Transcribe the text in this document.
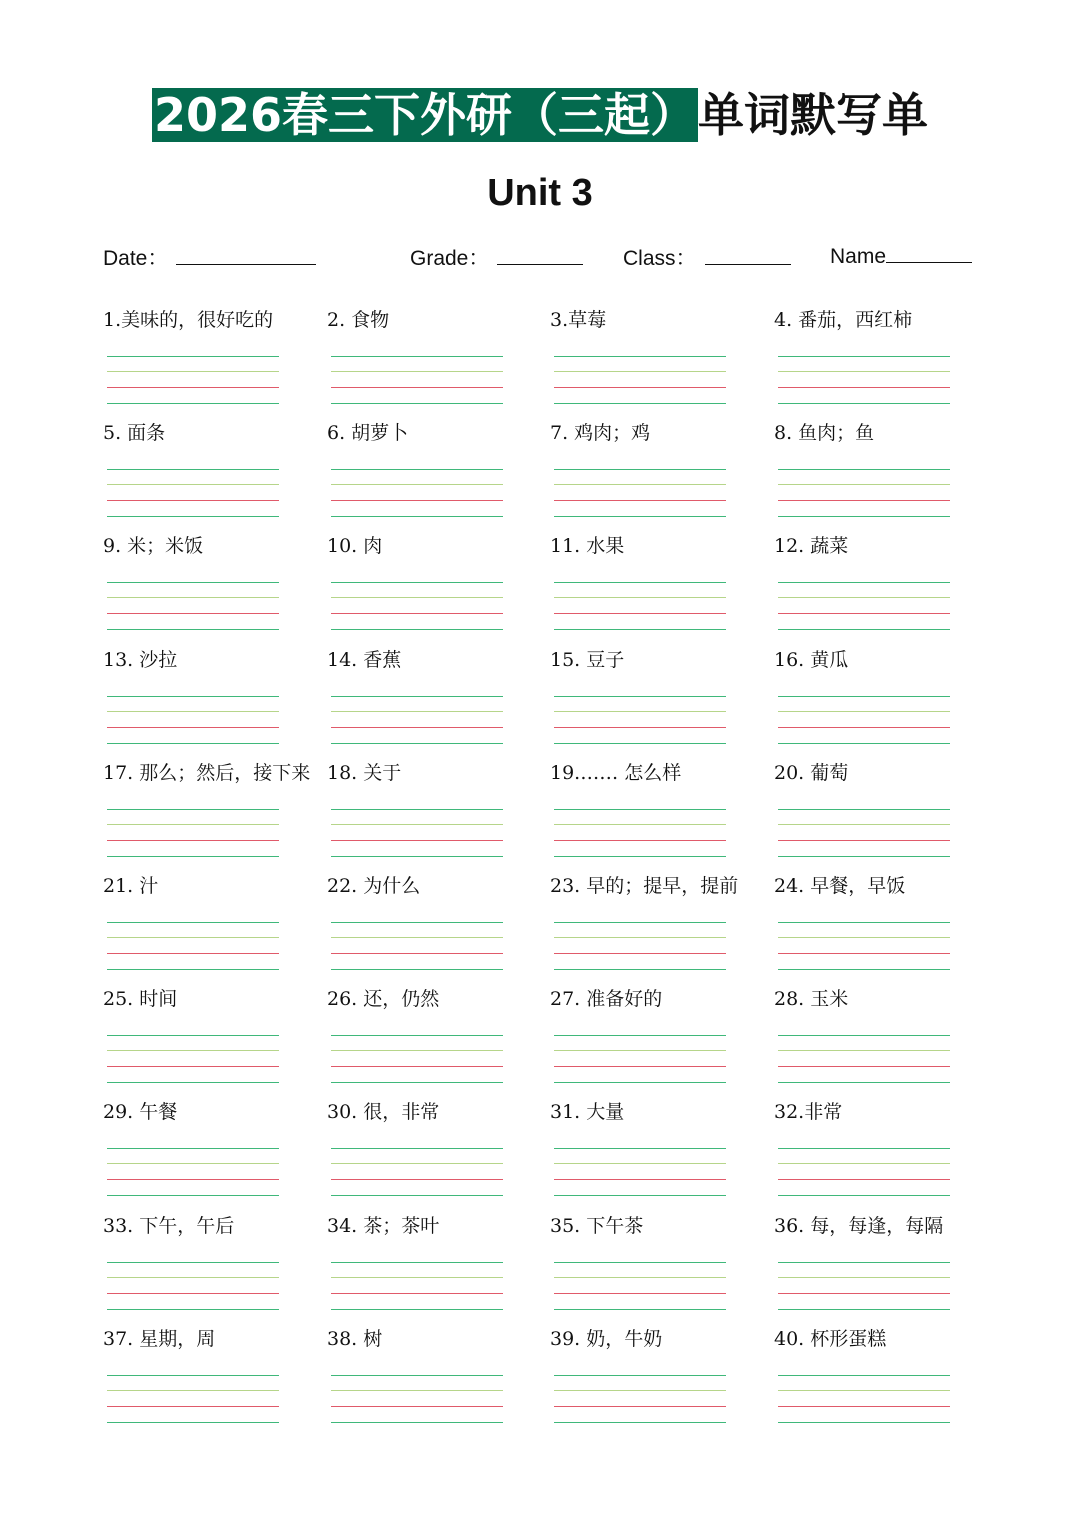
2026春三下外研（三起）单词默写单
Unit 3
Date：	Grade：	Class：	Name
1.美味的，很好吃的	2. 食物	3.草莓	4. 番茄，西红柿
5. 面条	6. 胡萝卜	7. 鸡肉；鸡	8. 鱼肉；鱼
9. 米；米饭	10. 肉	11. 水果	12. 蔬菜
13. 沙拉	14. 香蕉	15. 豆子	16. 黄瓜
17. 那么；然后，接下来 18. 关于	19.…… 怎么样	20. 葡萄
21. 汁	22. 为什么	23. 早的；提早，提前 24. 早餐，早饭
25. 时间	26. 还，仍然	27. 准备好的	28. 玉米
29. 午餐	30. 很，非常	31. 大量	32.非常
33. 下午，午后	34. 茶；茶叶	35. 下午茶	36. 每，每逢，每隔
37. 星期，周	38. 树	39. 奶，牛奶	40. 杯形蛋糕
